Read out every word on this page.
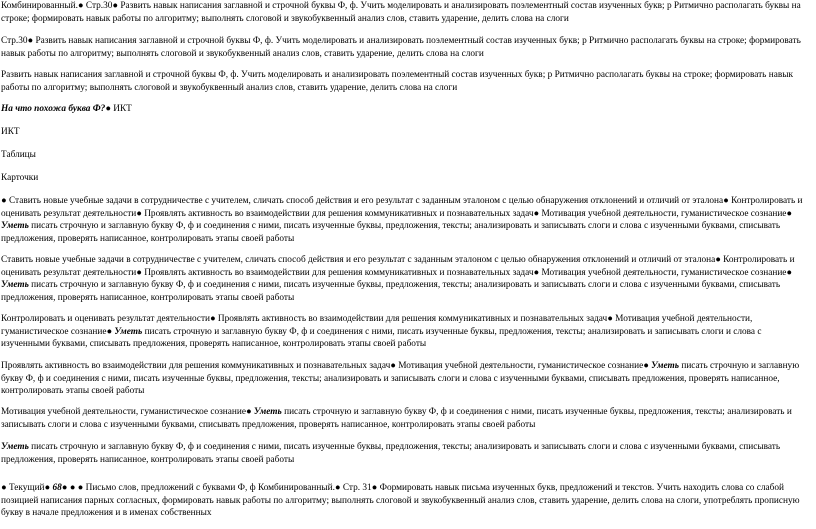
Комбинированный.● Стр.30● Развить навык написания заглавной и строчной буквы Ф, ф. Учить моделировать и анализировать поэлементный состав изученных букв; р Ритмично располагать буквы на строке; формировать навык работы по алгоритму; выполнять слоговой и звукобуквенный анализ слов, ставить ударение, делить слова на слоги
Стр.30● Развить навык написания заглавной и строчной буквы Ф, ф. Учить моделировать и анализировать поэлементный состав изученных букв; р Ритмично располагать буквы на строке; формировать навык работы по алгоритму; выполнять слоговой и звукобуквенный анализ слов, ставить ударение, делить слова на слоги
Развить навык написания заглавной и строчной буквы Ф, ф. Учить моделировать и анализировать поэлементный состав изученных букв; р Ритмично располагать буквы на строке; формировать навык работы по алгоритму; выполнять слоговой и звукобуквенный анализ слов, ставить ударение, делить слова на слоги
На что похожа буква Ф?● ИКТ
ИКТ
Таблицы
Карточки
● Ставить новые учебные задачи в сотрудничестве с учителем, сличать способ действия и его результат с заданным эталоном с целью обнаружения отклонений и отличий от эталона● Контролировать и оценивать результат деятельности● Проявлять активность во взаимодействии для решения коммуникативных и познавательных задач● Мотивация учебной деятельности, гуманистическое сознание● Уметь писать строчную и заглавную букву Ф, ф и соединения с ними, писать изученные буквы, предложения, тексты; анализировать и записывать слоги и слова с изученными буквами, списывать предложения, проверять написанное, контролировать этапы своей работы
Ставить новые учебные задачи в сотрудничестве с учителем, сличать способ действия и его результат с заданным эталоном с целью обнаружения отклонений и отличий от эталона● Контролировать и оценивать результат деятельности● Проявлять активность во взаимодействии для решения коммуникативных и познавательных задач● Мотивация учебной деятельности, гуманистическое сознание● Уметь писать строчную и заглавную букву Ф, ф и соединения с ними, писать изученные буквы, предложения, тексты; анализировать и записывать слоги и слова с изученными буквами, списывать предложения, проверять написанное, контролировать этапы своей работы
Контролировать и оценивать результат деятельности● Проявлять активность во взаимодействии для решения коммуникативных и познавательных задач● Мотивация учебной деятельности, гуманистическое сознание● Уметь писать строчную и заглавную букву Ф, ф и соединения с ними, писать изученные буквы, предложения, тексты; анализировать и записывать слоги и слова с изученными буквами, списывать предложения, проверять написанное, контролировать этапы своей работы
Проявлять активность во взаимодействии для решения коммуникативных и познавательных задач● Мотивация учебной деятельности, гуманистическое сознание● Уметь писать строчную и заглавную букву Ф, ф и соединения с ними, писать изученные буквы, предложения, тексты; анализировать и записывать слоги и слова с изученными буквами, списывать предложения, проверять написанное, контролировать этапы своей работы
Мотивация учебной деятельности, гуманистическое сознание● Уметь писать строчную и заглавную букву Ф, ф и соединения с ними, писать изученные буквы, предложения, тексты; анализировать и записывать слоги и слова с изученными буквами, списывать предложения, проверять написанное, контролировать этапы своей работы
Уметь писать строчную и заглавную букву Ф, ф и соединения с ними, писать изученные буквы, предложения, тексты; анализировать и записывать слоги и слова с изученными буквами, списывать предложения, проверять написанное, контролировать этапы своей работы
● Текущий● 68● ● ● Письмо слов, предложений с буквами Ф, ф Комбинированный.● Стр. 31● Формировать навык письма изученных букв, предложений и текстов. Учить находить слова со слабой позицией написания парных согласных, формировать навык работы по алгоритму; выполнять слоговой и звукобуквенный анализ слов, ставить ударение, делить слова на слоги, употреблять прописную букву в начале предложения и в именах собственных
